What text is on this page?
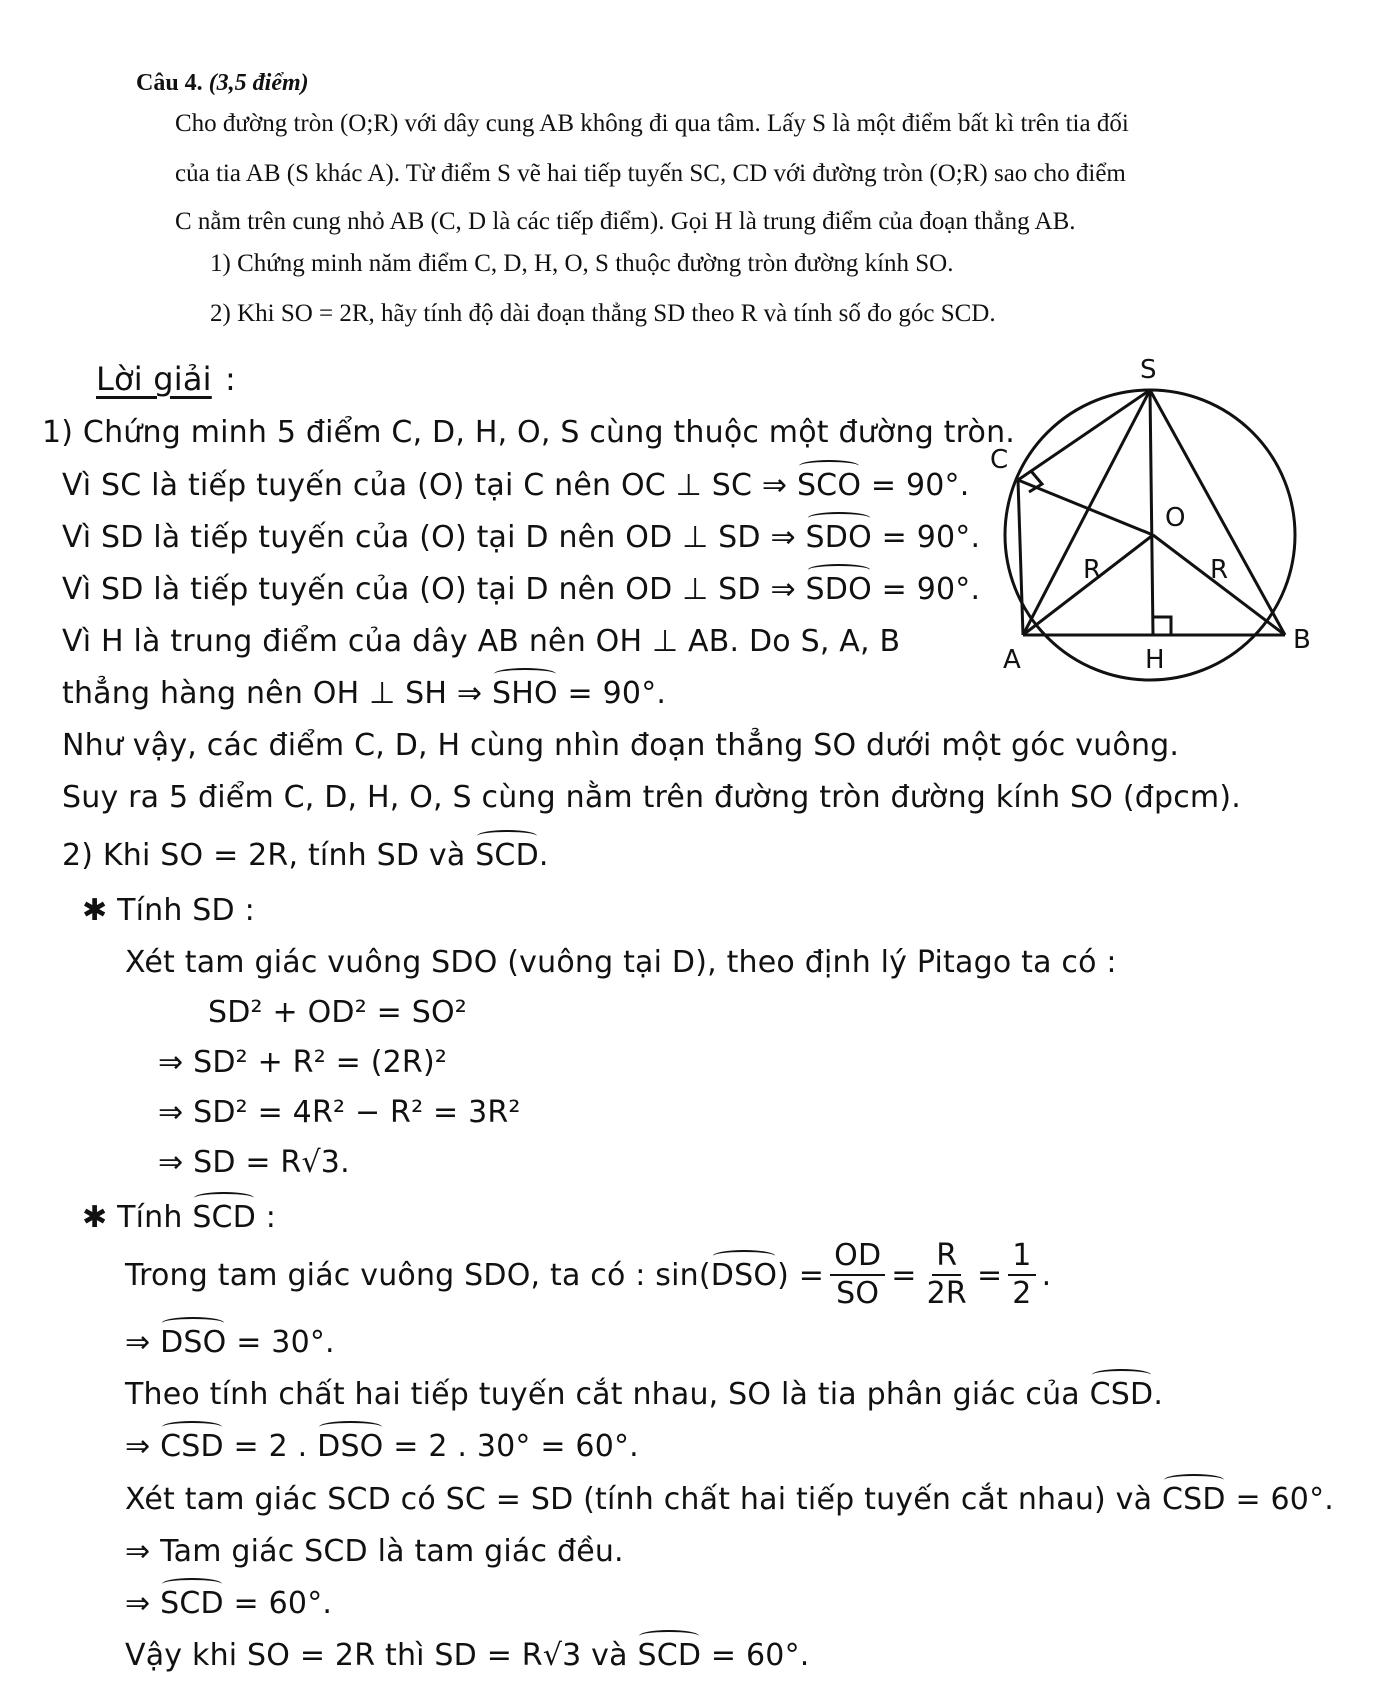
Câu 4. (3,5 điểm)
Cho đường tròn (O;R) với dây cung AB không đi qua tâm. Lấy S là một điểm bất kì trên tia đối
của tia AB (S khác A). Từ điểm S vẽ hai tiếp tuyến SC, CD với đường tròn (O;R) sao cho điểm
C nằm trên cung nhỏ AB (C, D là các tiếp điểm). Gọi H là trung điểm của đoạn thẳng AB.
1) Chứng minh năm điểm C, D, H, O, S thuộc đường tròn đường kính SO.
2) Khi SO = 2R, hãy tính độ dài đoạn thẳng SD theo R và tính số đo góc SCD.
Lời giải :
1) Chứng minh 5 điểm C, D, H, O, S cùng thuộc một đường tròn.
Vì SC là tiếp tuyến của (O) tại C nên OC ⊥ SC ⇒ SCO = 90°.
Vì SD là tiếp tuyến của (O) tại D nên OD ⊥ SD ⇒ SDO = 90°.
Vì SD là tiếp tuyến của (O) tại D nên OD ⊥ SD ⇒ SDO = 90°.
Vì H là trung điểm của dây AB nên OH ⊥ AB. Do S, A, B
thẳng hàng nên OH ⊥ SH ⇒ SHO = 90°.
Như vậy, các điểm C, D, H cùng nhìn đoạn thẳng SO dưới một góc vuông.
Suy ra 5 điểm C, D, H, O, S cùng nằm trên đường tròn đường kính SO (đpcm).
2) Khi SO = 2R, tính SD và SCD.
✱ Tính SD :
Xét tam giác vuông SDO (vuông tại D), theo định lý Pitago ta có :
SD² + OD² = SO²
⇒ SD² + R² = (2R)²
⇒ SD² = 4R² − R² = 3R²
⇒ SD = R√3.
✱ Tính SCD :
Trong tam giác vuông SDO, ta có : sin( DSO ) = $\frac{OD}{SO} = \frac{R}{2R} = \frac{1}{2}$ .
⇒ DSO = 30°.
Theo tính chất hai tiếp tuyến cắt nhau, SO là tia phân giác của CSD.
⇒ CSD = 2 . DSO = 2 . 30° = 60°.
Xét tam giác SCD có SC = SD (tính chất hai tiếp tuyến cắt nhau) và CSD = 60°.
⇒ Tam giác SCD là tam giác đều.
⇒ SCD = 60°.
Vậy khi SO = 2R thì SD = R√3 và SCD = 60°.
S
C
O
R	R
A	H
B
